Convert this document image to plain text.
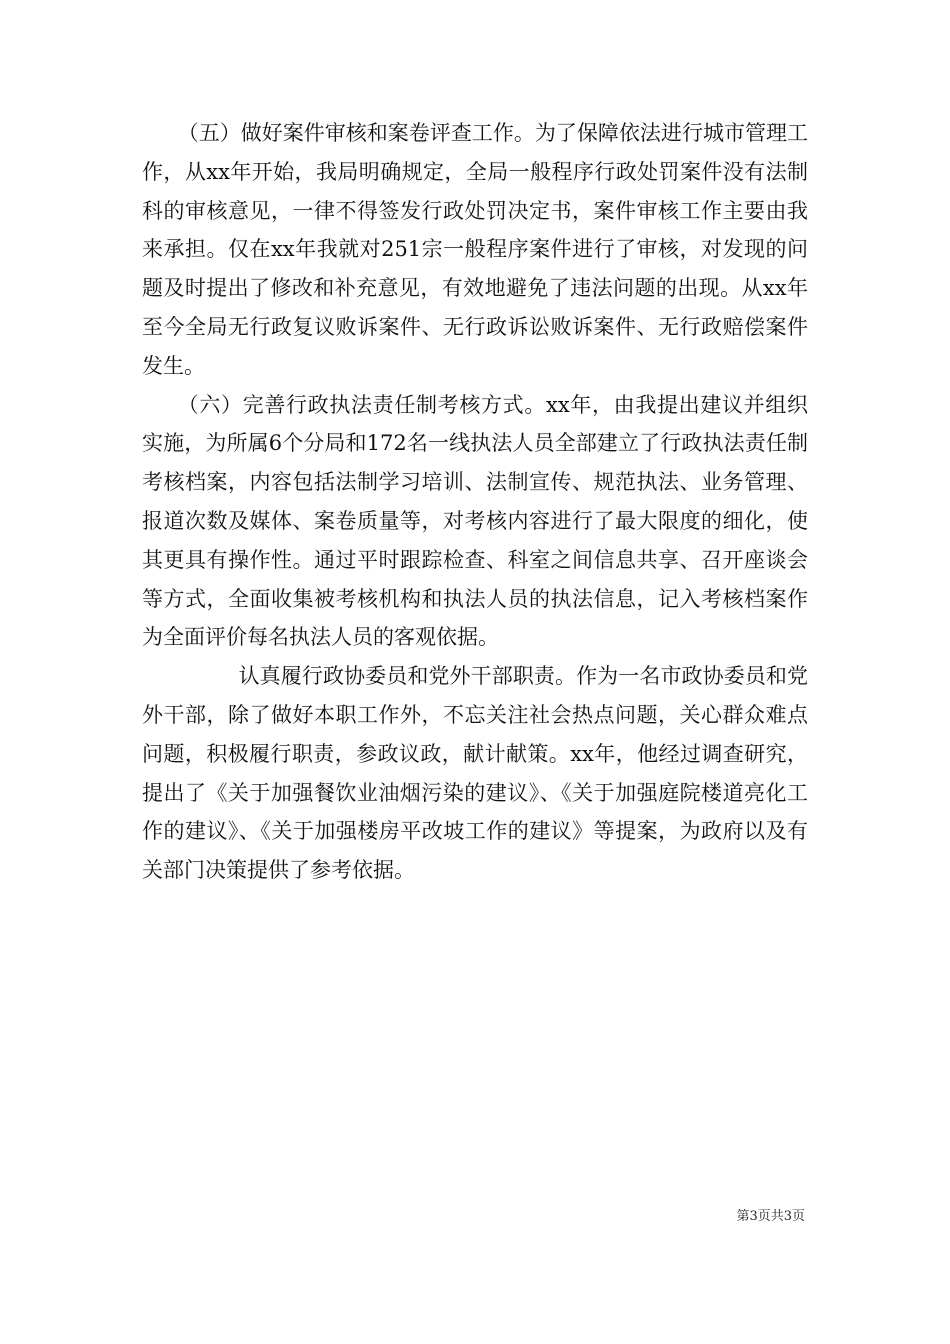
（五）做好案件审核和案卷评查工作。为了保障依法进行城市管理工作，从xx年开始，我局明确规定，全局一般程序行政处罚案件没有法制科的审核意见，一律不得签发行政处罚决定书，案件审核工作主要由我来承担。仅在xx年我就对251宗一般程序案件进行了审核，对发现的问题及时提出了修改和补充意见，有效地避免了违法问题的出现。从xx年至今全局无行政复议败诉案件、无行政诉讼败诉案件、无行政赔偿案件发生。

（六）完善行政执法责任制考核方式。xx年，由我提出建议并组织实施，为所属6个分局和172名一线执法人员全部建立了行政执法责任制考核档案，内容包括法制学习培训、法制宣传、规范执法、业务管理、报道次数及媒体、案卷质量等，对考核内容进行了最大限度的细化，使其更具有操作性。通过平时跟踪检查、科室之间信息共享、召开座谈会等方式，全面收集被考核机构和执法人员的执法信息，记入考核档案作为全面评价每名执法人员的客观依据。

认真履行政协委员和党外干部职责。作为一名市政协委员和党外干部，除了做好本职工作外，不忘关注社会热点问题，关心群众难点问题，积极履行职责，参政议政，献计献策。xx年，他经过调查研究，提出了《关于加强餐饮业油烟污染的建议》、《关于加强庭院楼道亮化工作的建议》、《关于加强楼房平改坡工作的建议》等提案，为政府以及有关部门决策提供了参考依据。

第3页共3页
